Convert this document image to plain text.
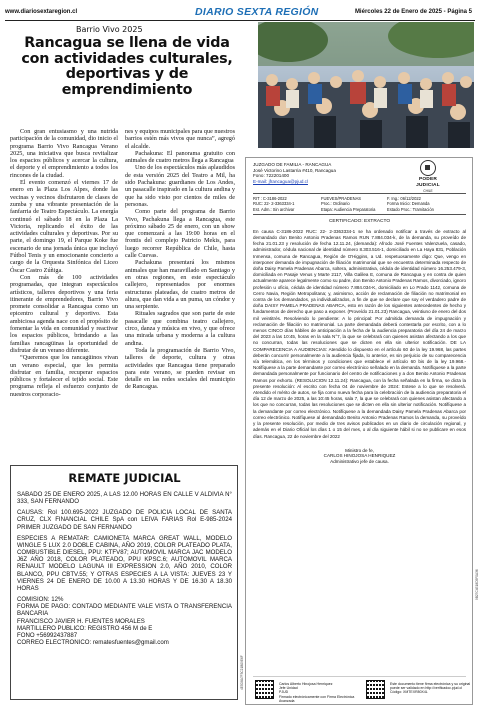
www.diariosextaregion.cl	DIARIO SEXTA REGIÓN	Miércoles 22 de Enero de 2025 - Página 5
Barrio Vivo 2025
Rancagua se llena de vida con actividades culturales, deportivas y de emprendimiento

Con gran entusiasmo y una nutrida participación de la comunidad, dio inicio el programa Barrio Vivo Rancagua Verano 2025, una iniciativa que busca revitalizar los espacios públicos y acercar la cultura, el deporte y el emprendimiento a todos los rincones de la ciudad.

El evento comenzó el viernes 17 de enero en la Plaza Los Alpes, donde las vecinas y vecinos disfrutaron de clases de zumba y una vibrante presentación de la fanfarria de Teatro Espectáculo. La energía continuó el sábado 18 en la Plaza La Victoria, replicando el éxito de las actividades culturales y deportivas. Por su parte, el domingo 19, el Parque Koke fue escenario de una jornada única que incluyó Fútbol Tenis y un emocionante concierto a cargo de la Orquesta Sinfónica del Liceo Óscar Castro Zúñiga.

Con más de 100 actividades programadas, que integran espectáculos artísticos, talleres deportivos y una feria itinerante de emprendedores, Barrio Vivo promete consolidar a Rancagua como un epicentro cultural y deportivo. Esta ambiciosa agenda nace con el propósito de fomentar la vida en comunidad y reactivar los espacios públicos, brindando a las familias rancagüinas la oportunidad de disfrutar de un verano diferente.

“Queremos que los rancagüinos vivan un verano especial, que les permita disfrutar en familia, recuperar espacios públicos y fortalecer el tejido social. Este programa refleja el esfuerzo conjunto de nuestros corporacio-

nes y equipos municipales para que nuestros barrios estén más vivos que nunca”, agregó el alcalde.

Pachakuna: El panorama gratuito con animales de cuatro metros llega a Rancagua

Uno de los espectáculos más aplaudidos de esta versión 2025 del Teatro a Mil, ha sido Pachakuna: guardianes de Los Andes, un pasacalle inspirado en la cultura andina y que ha sido visto por cientos de miles de personas.

Como parte del programa de Barrio Vivo, Pachakuna llega a Rancagua, este próximo sábado 25 de enero, con un show que comenzará a las 19:00 horas en el frontis del complejo Patricio Mekis, para luego recorrer República de Chile, hasta calle Cuevas.

Pachakuna presentará los mismos animales que han maravillado en Santiago y en otras regiones, en este espectáculo callejero, representados por enormes estructuras plateadas, de cuatro metros de altura, que dan vida a un puma, un cóndor y una serpiente.

Rituales sagrados que son parte de este pasacalle que combina teatro callejero, circo, danza y música en vivo, y que ofrece una mirada urbana y moderna a la cultura andina.

Toda la programación de Barrio Vivo, talleres de deporte, cultura y otras actividades que Rancagua tiene preparado para este verano, se pueden revisar en detalle en las redes sociales del municipio de Rancagua.

REMATE JUDICIAL

SABADO 25 DE ENERO 2025, A LAS 12.00 HORAS EN CALLE V ALDIVIA N° 333, SAN FERNANDO

CAUSAS: Rol 100.695-2022 JUZGADO DE POLICIA LOCAL DE SANTA CRUZ, CLX FINANCIAL CHILE SpA con LEIVA FARIAS Rol E-985-2024 PRIMER JUZGADO DE SAN FERNANDO

ESPECIES A REMATAR: CAMIONETA MARCA GREAT WALL, MODELO WINGLE 5 LUX 2.0 DOBLE CABINA, AÑO 2019, COLOR PLATEADO PLATA, COMBUSTIBLE DIESEL, PPU: KTFV87; AUTOMOVIL MARCA JAC MODELO J6Z AÑO 2018, COLOR PLATEADO, PPU KPSC.6; AUTOMOVIL MARCA RENAULT MODELO LAGUNA III EXPRESSION 2.0, AÑO 2010, COLOR BLANCO, PPU CBTV.55; Y OTRAS ESPECIES A LA VISTA: JUEVES 23 Y VIERNES 24 DE ENERO DE 10.00 A 13.30 HORAS Y DE 16.30 A 18.30 HORAS

COMISION: 12%

FORMA DE PAGO: CONTADO MEDIANTE VALE VISTA O TRANSFERENCIA BANCARIA

FRANCISCO JAVIER H. FUENTES MORALES

MARTILLERO PUBLICO: REGISTRO 456 M de E

FONO +56992437887

CORREO ELECTRONICO: rematesfuentes@gmail.com

JUZGADO DE FAMILIA - RANCAGUA
José Victorino Lastarria #410, Rancagua
Fono: 722201400
E-mail: jfrancagua@pjud.cl	PODER JUDICIAL
CHILE
RIT : C-3186-2022	FUEVES/PRADENAS	F. Ing.: 06/12/2022
RUC: 22- 2-3363334-1	Proc.: Ordinario	Forma Inicio: Demanda
Est. Adm.: Sin archivar	Etapa: Audiencia Preparatoria	Estado Proc.: Tramitación
CERTIFICADO: EXTRACTO
En causa C-3186-2022 RUC: 22- 2-3363334-1 se ha ordenado notificar a través de extracto al demandado don Benito Antonio Pradenas Ramos RUN 7.884.034-k, de la demanda, su proveído de fecha 21.01.23 y resolución de fecha 12.11.24, (demanda): Afrodo José Fuentes Valenzuela, casado, administrador, cédula nacional de identidad número 8.303.516-1, domiciliado en La Haya 831, Población Inmensa, comuna de Rancagua, Región de O'Higgins, a Ud. respetuosamente digo: Que, vengo en interponer demanda de impugnación de filiación matrimonial que se encuentra determinada respecto de doña Daisy Pamela Pradenas Abarca, soltera, administrativa, cédula de identidad número 16.253.479-3, domiciliada en Pasaje Venus y Marte 2117, Villa Galilea E, comuna de Rancagua y en contra de quien actualmente aparece legalmente como su padre, don Benito Antonio Pradenas Ramos, divorciado, ignoro profesión u oficio, cédula de identidad número 7.884.034-K, domiciliado en Lo Prado 1142, comuna de Cerro Navia, Región Metropolitana; y, asimismo, acción de reclamación de filiación no matrimonial en contra de los demandados, ya individualizados, a fin de que se declare que soy el verdadero padre de doña DAISY PAMELA PRADENAS ABARCA, esto en razón de los siguientes antecedentes de hecho y fundamentos de derecho que paso a exponer. (Proveído 21.01.23) Rancagua, veintiuno de enero del dos mil veintitrés. Resolviendo lo pendiente: A lo principal: Por admitida demanda de impugnación y reclamación de filiación no matrimonial. La parte demandada deberá contestarla por escrito, con a lo menos CINCO días hábiles de anticipación a la fecha de la audiencia preparatoria del día 24 de marzo del 2023 a las 10:45, horas en la sala N°7, la que se celebrará con quienes asistan afectando a los que no concurran, todas las resoluciones que se dicten en ella sin ulterior notificación. DE LA COMPARECENCIA A AUDIENCIAS: Atendido lo dispuesto en el artículo 60 de la ley 19.968, las partes deberán concurrir personalmente a la audiencia fijada, lo anterior, es sin perjuicio de su comparecencia vía telemática, en los términos y condiciones que establece el artículo 60 bis de la ley 19.968.- Notifíquese a la parte demandante por correo electrónico señalado en la demanda. Notifíquese a la parte demandada personalmente por funcionario del centro de notificaciones y a don Benito Antonio Pradenas Ramos por exhorto. (RESOLUCION 12.11.24): Rancagua, con la fecha señalada en la firma, se dicta la presente resolución: Al escrito con fecha 04 de noviembre de 2024: Estese a lo que se resolverá. Atendido el mérito de autos, se fija como nueva fecha para la celebración de la audiencia preparatoria el día 12 de marzo de 2025, a las 10:45 horas, sala 7, la que se celebrará con quienes asistan afectando a los que no concurran, todas las resoluciones que se dicten en ella sin ulterior notificación. Notifíquese a la demandante por correo electrónico. Notifíquese a la demandada Daisy Pamela Pradenas Abarca por correo electrónico. Notifíquese al demandado Benito Antonio Pradenas Ramos la demanda, su proveído y la presente resolución, por medio de tres avisos publicados en un diario de circulación regional, y además en el Diario Oficial los días 1 o 15 del mes, o al día siguiente hábil si no se publicare en esos días. Rancagua, 22 de noviembre del 2022
Ministro de fe,
CARLOS HINOJOSA HENRIQUEZ
Administrativo jefe de causa.
Carlos Alberto Hinojosa Henriquez
Jefe Unidad
PJUD
Firmado electrónicamente con Firma Electrónica Avanzada
Este documento tiene firma electrónica y su original puede ser validado en http://verificadoc.pjud.cl
Código: XMTEXR80X4L
4E5D8A7F3C21B09E6F
9B27C4E18D5F0A36
